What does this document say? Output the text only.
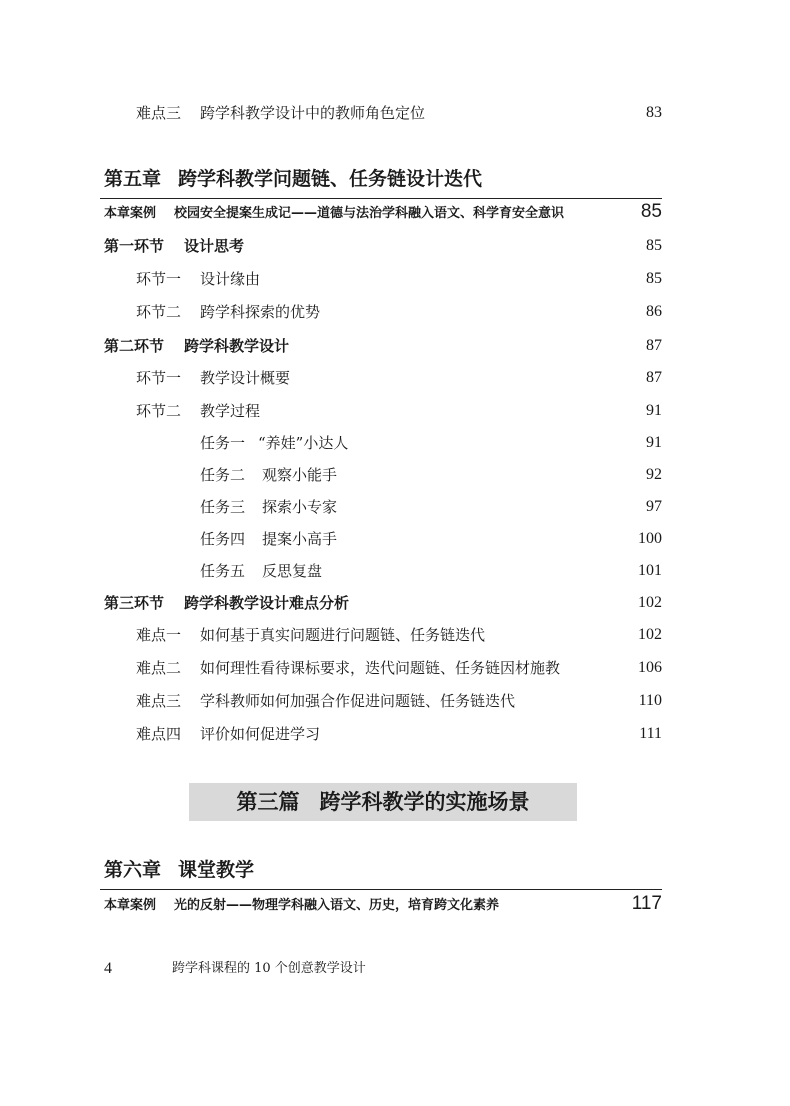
难点三 跨学科教学设计中的教师角色定位	83
第五章 跨学科教学问题链、任务链设计迭代
本章案例 校园安全提案生成记——道德与法治学科融入语文、科学育安全意识	85
第一环节 设计思考	85
环节一 设计缘由	85
环节二 跨学科探索的优势	86
第二环节 跨学科教学设计	87
环节一 教学设计概要	87
环节二 教学过程	91
任务一 “养娃”小达人	91
任务二 观察小能手	92
任务三 探索小专家	97
任务四 提案小高手	100
任务五 反思复盘	101
第三环节 跨学科教学设计难点分析	102
难点一 如何基于真实问题进行问题链、任务链迭代	102
难点二 如何理性看待课标要求，迭代问题链、任务链因材施教	106
难点三 学科教师如何加强合作促进问题链、任务链迭代	110
难点四 评价如何促进学习	111
第三篇 跨学科教学的实施场景
第六章 课堂教学
本章案例 光的反射——物理学科融入语文、历史，培育跨文化素养	117
4	跨学科课程的 10 个创意教学设计
